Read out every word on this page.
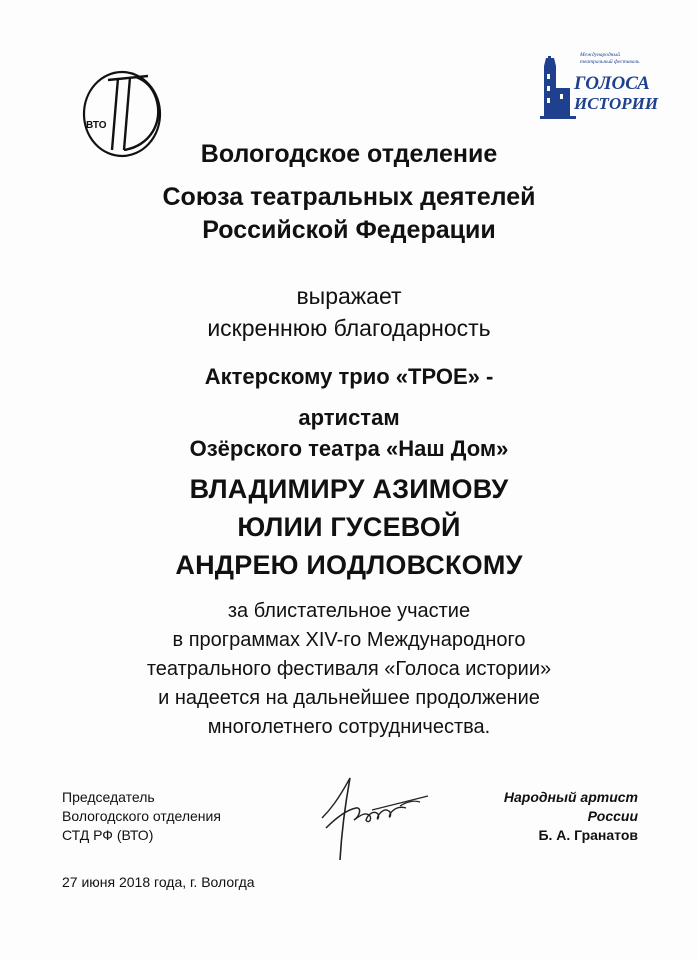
ВТО
Международный театральный фестиваль
ГОЛОСА
ИСТОРИИ
Вологодское отделение
Союза театральных деятелей
Российской Федерации
выражает
искреннюю благодарность
Актерскому трио «ТРОЕ» -
артистам
Озёрского театра «Наш Дом»
ВЛАДИМИРУ АЗИМОВУ
ЮЛИИ ГУСЕВОЙ
АНДРЕЮ ИОДЛОВСКОМУ
за блистательное участие
в программах XIV-го Международного
театрального фестиваля «Голоса истории»
и надеется на дальнейшее продолжение
многолетнего сотрудничества.
Председатель
Вологодского отделения
СТД РФ (ВТО)
Народный артист
России
Б. А. Гранатов
27 июня 2018 года, г. Вологда
